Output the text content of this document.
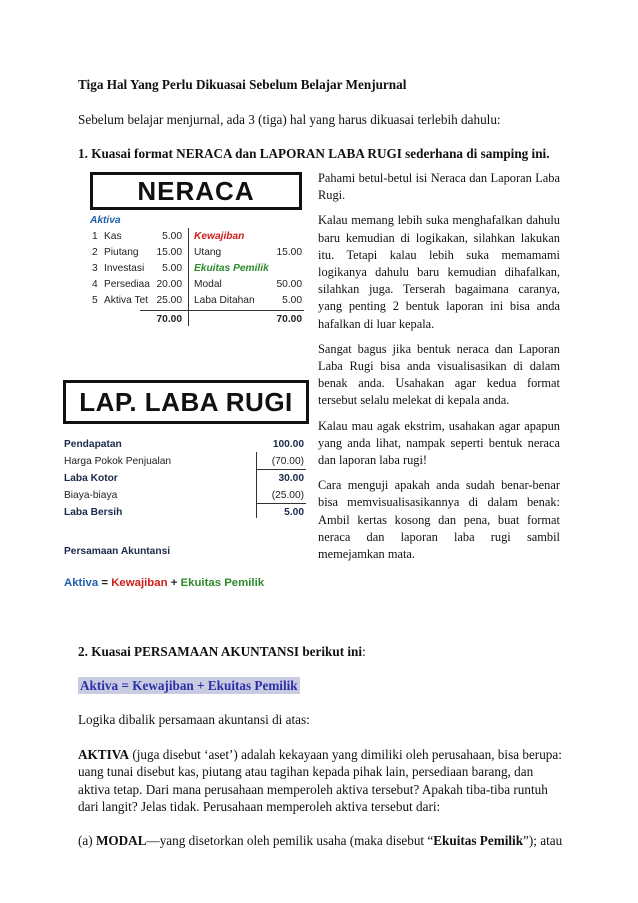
Tiga Hal Yang Perlu Dikuasai Sebelum Belajar Menjurnal
Sebelum belajar menjurnal, ada 3 (tiga) hal yang harus dikuasai terlebih dahulu:
1. Kuasai format NERACA dan LAPORAN LABA RUGI sederhana di samping ini.
NERACA
Aktiva
1 Kas	5.00 Kewajiban
2 Piutang	15.00 Utang	15.00
3 Investasi	5.00 Ekuitas Pemilik
4 Persediaa 20.00 Modal	50.00
5 Aktiva Tet 25.00 Laba Ditahan	5.00
70.00	70.00
LAP. LABA RUGI
Pendapatan	100.00
Harga Pokok Penjualan	(70.00)
Laba Kotor	30.00
Biaya-biaya	(25.00)
Laba Bersih	5.00
Persamaan Akuntansi
Aktiva = Kewajiban + Ekuitas Pemilik

Pahami betul-betul isi Neraca dan Laporan Laba Rugi.

Kalau memang lebih suka menghafalkan dahulu baru kemudian di logikakan, silahkan lakukan itu. Tetapi kalau lebih suka memamami logikanya dahulu baru kemudian dihafalkan, silahkan juga. Terserah bagaimana caranya, yang penting 2 bentuk laporan ini bisa anda hafalkan di luar kepala.

Sangat bagus jika bentuk neraca dan Laporan Laba Rugi bisa anda visualisasikan di dalam benak anda. Usahakan agar kedua format tersebut selalu melekat di kepala anda.

Kalau mau agak ekstrim, usahakan agar apapun yang anda lihat, nampak seperti bentuk neraca dan laporan laba rugi!

Cara menguji apakah anda sudah benar-benar bisa memvisualisasikannya di dalam benak: Ambil kertas kosong dan pena, buat format neraca dan laporan laba rugi sambil memejamkan mata.

2. Kuasai PERSAMAAN AKUNTANSI berikut ini:
Aktiva = Kewajiban + Ekuitas Pemilik
Logika dibalik persamaan akuntansi di atas:
AKTIVA (juga disebut ‘aset’) adalah kekayaan yang dimiliki oleh perusahaan, bisa berupa: uang tunai disebut kas, piutang atau tagihan kepada pihak lain, persediaan barang, dan aktiva tetap. Dari mana perusahaan memperoleh aktiva tersebut? Apakah tiba-tiba runtuh dari langit? Jelas tidak. Perusahaan memperoleh aktiva tersebut dari:
(a) MODAL—yang disetorkan oleh pemilik usaha (maka disebut “Ekuitas Pemilik”); atau
